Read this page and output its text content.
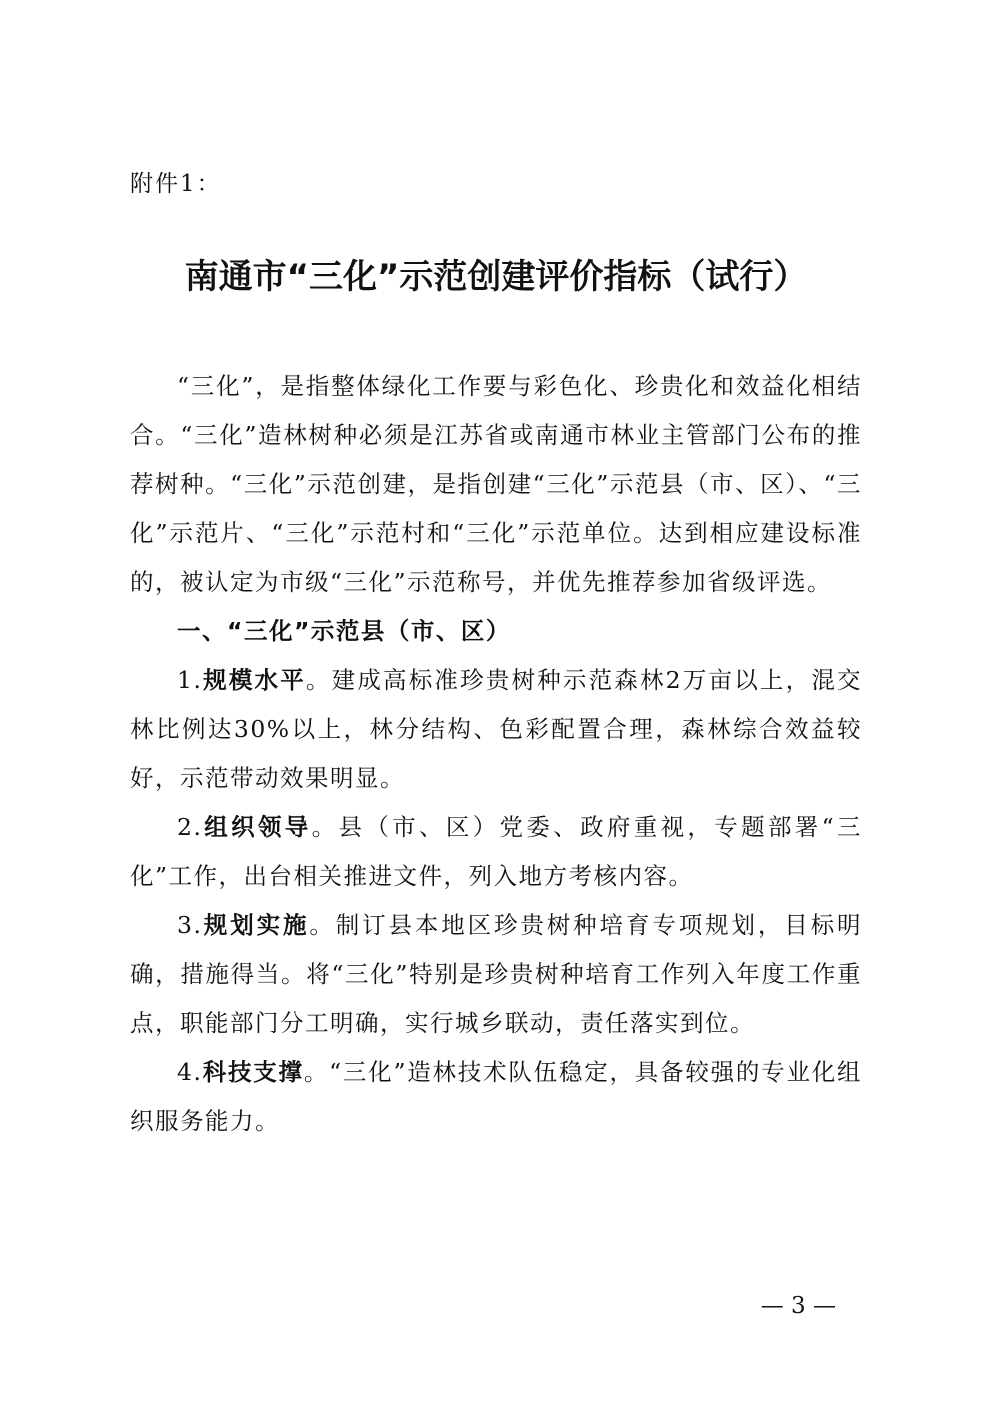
附件1：
南通市“三化”示范创建评价指标（试行）

“三化”，是指整体绿化工作要与彩色化、珍贵化和效益化相结合。“三化”造林树种必须是江苏省或南通市林业主管部门公布的推荐树种。“三化”示范创建，是指创建“三化”示范县（市、区）、“三化”示范片、“三化”示范村和“三化”示范单位。达到相应建设标准的，被认定为市级“三化”示范称号，并优先推荐参加省级评选。

一、“三化”示范县（市、区）

1.规模水平。建成高标准珍贵树种示范森林2万亩以上，混交林比例达30%以上，林分结构、色彩配置合理，森林综合效益较好，示范带动效果明显。

2.组织领导。县（市、区）党委、政府重视，专题部署“三化”工作，出台相关推进文件，列入地方考核内容。

3.规划实施。制订县本地区珍贵树种培育专项规划，目标明确，措施得当。将“三化”特别是珍贵树种培育工作列入年度工作重点，职能部门分工明确，实行城乡联动，责任落实到位。

4.科技支撑。“三化”造林技术队伍稳定，具备较强的专业化组织服务能力。

— 3 —
